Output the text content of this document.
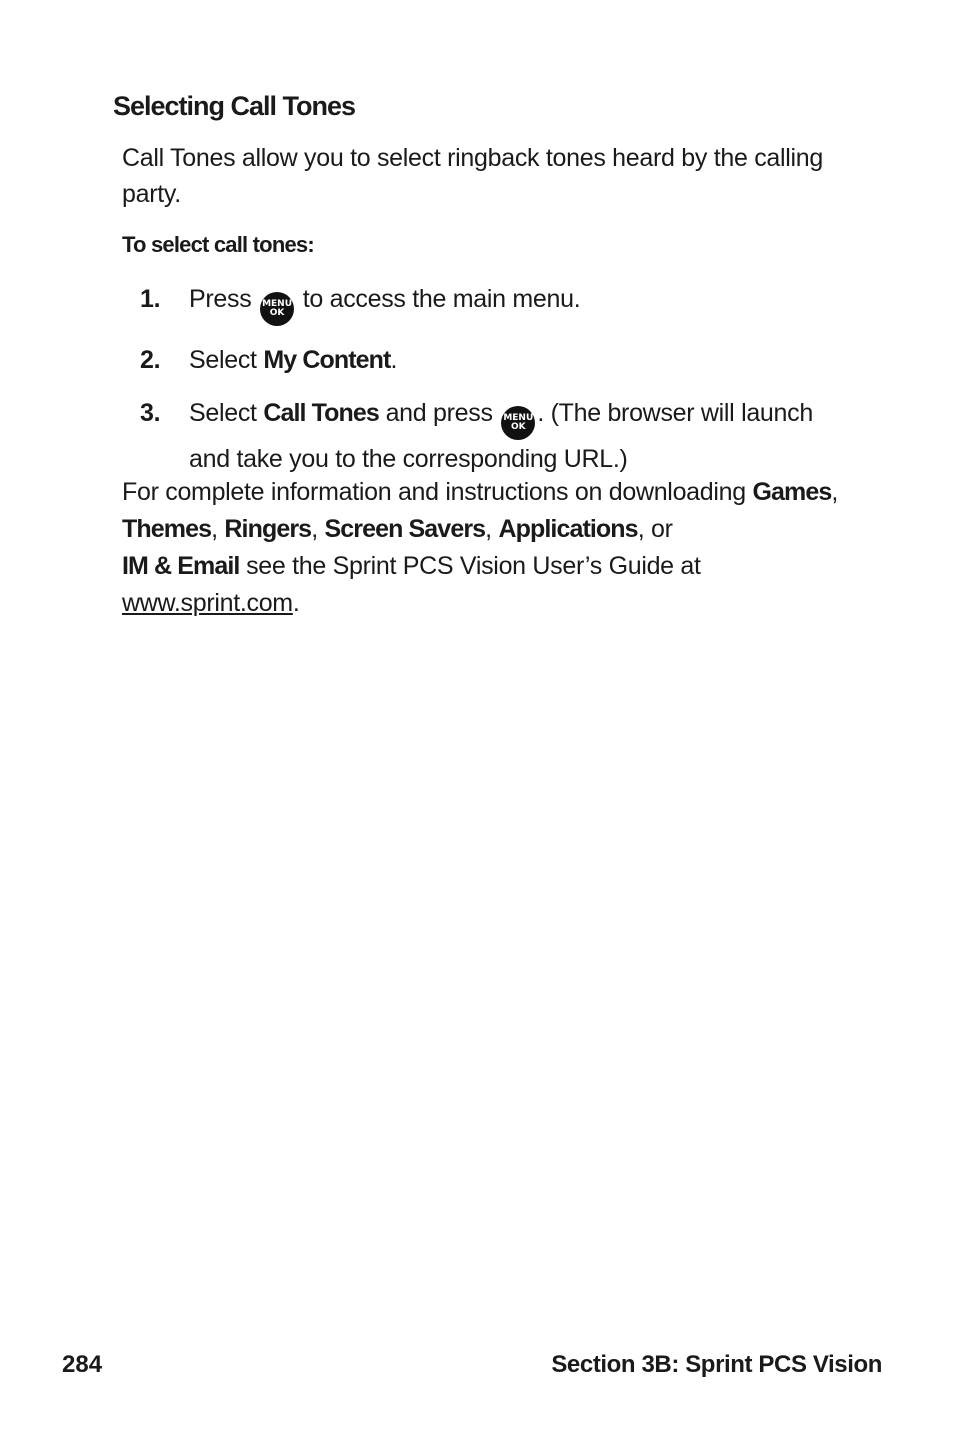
Selecting Call Tones

Call Tones allow you to select ringback tones heard by the calling party.

To select call tones:

1. Press MENU
OK to access the main menu.
2. Select My Content.
3. Select Call Tones and press MENU
OK . (The browser will launch and take you to the corresponding URL.)

For complete information and instructions on downloading Games, Themes, Ringers, Screen Savers, Applications, or
IM & Email see the Sprint PCS Vision User’s Guide at
www.sprint.com.

284	Section 3B: Sprint PCS Vision
